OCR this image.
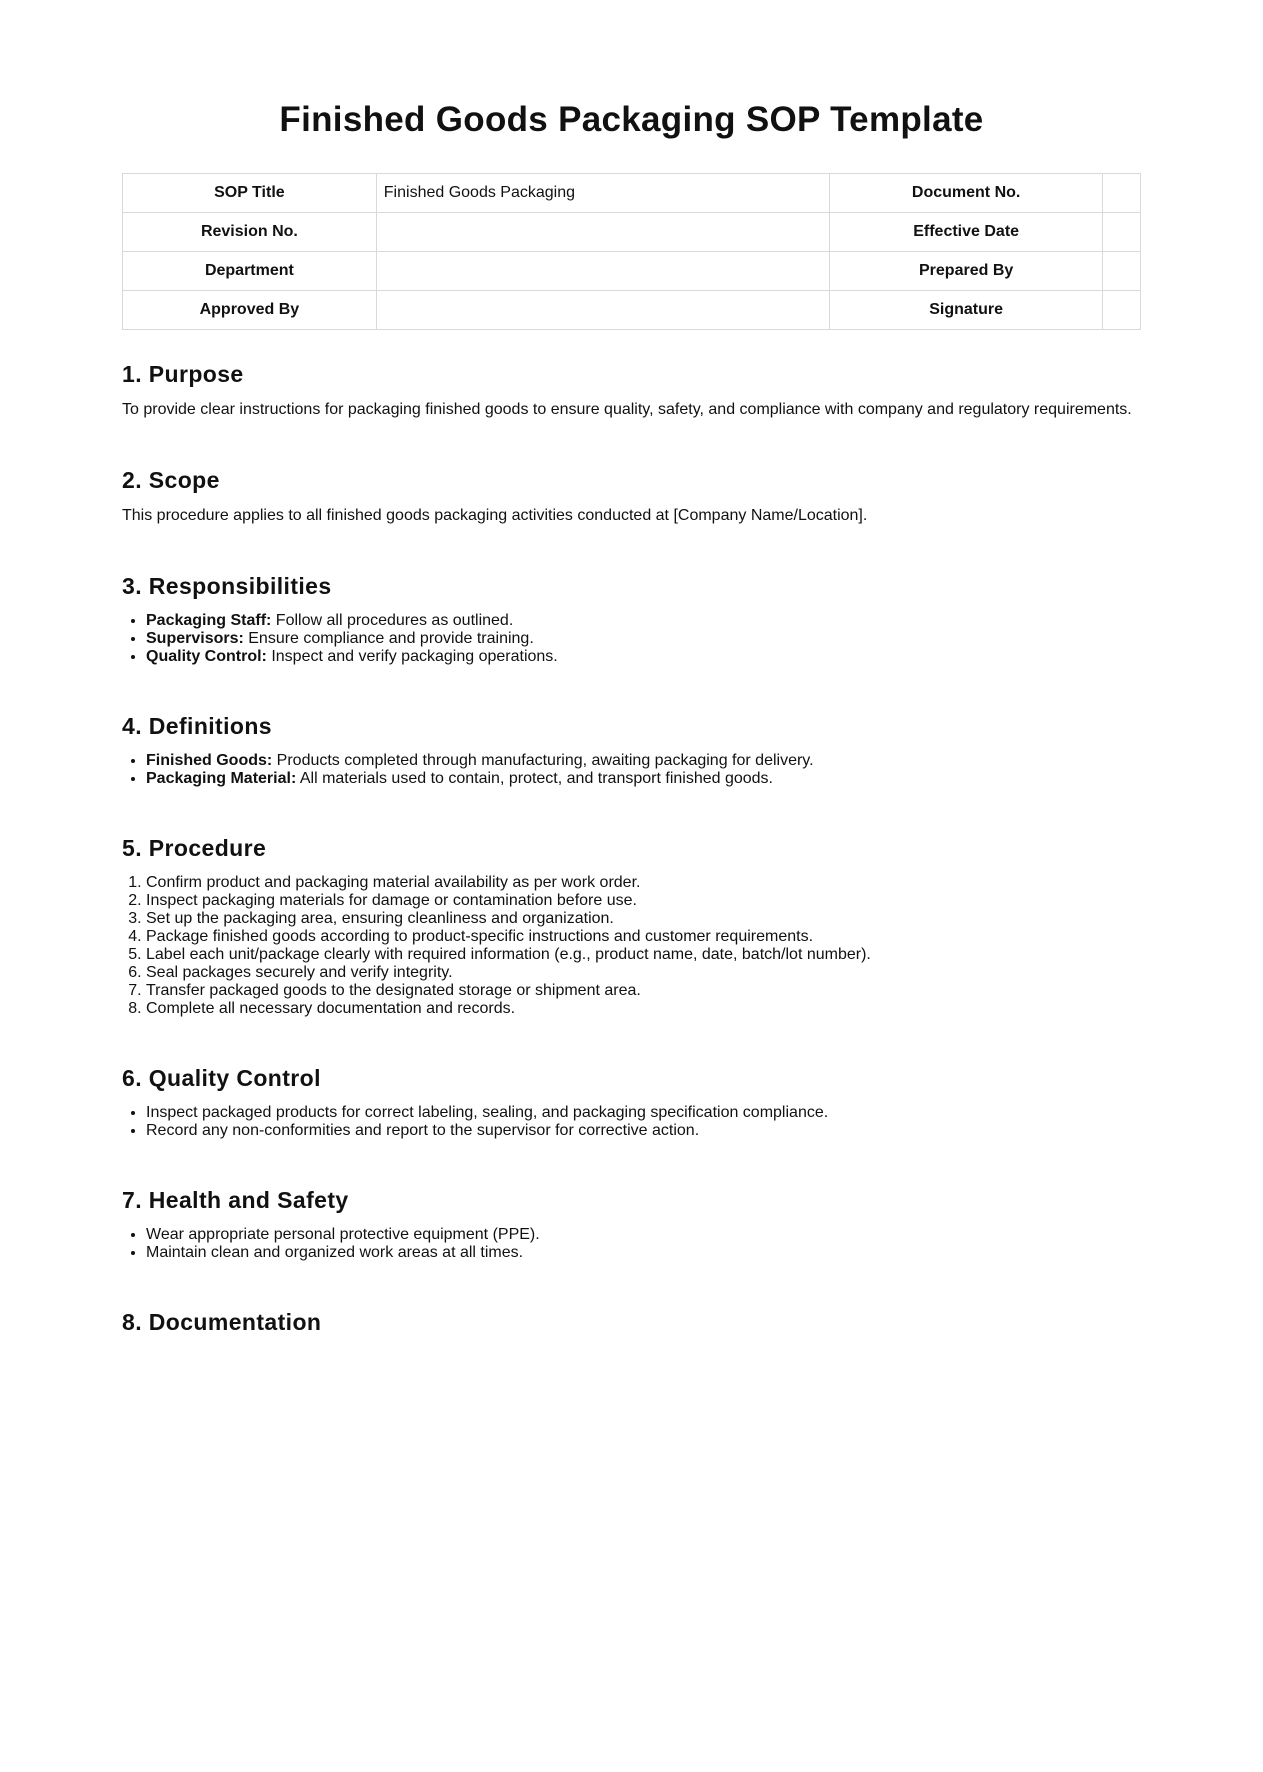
Finished Goods Packaging SOP Template
SOP Title	Finished Goods Packaging	Document No.	
Revision No.		Effective Date	
Department		Prepared By	
Approved By		Signature	
1. Purpose

To provide clear instructions for packaging finished goods to ensure quality, safety, and compliance with company and regulatory requirements.

2. Scope

This procedure applies to all finished goods packaging activities conducted at [Company Name/Location].

3. Responsibilities
• Packaging Staff: Follow all procedures as outlined.
• Supervisors: Ensure compliance and provide training.
• Quality Control: Inspect and verify packaging operations.
4. Definitions
• Finished Goods: Products completed through manufacturing, awaiting packaging for delivery.
• Packaging Material: All materials used to contain, protect, and transport finished goods.
5. Procedure
1. Confirm product and packaging material availability as per work order.
2. Inspect packaging materials for damage or contamination before use.
3. Set up the packaging area, ensuring cleanliness and organization.
4. Package finished goods according to product-specific instructions and customer requirements.
5. Label each unit/package clearly with required information (e.g., product name, date, batch/lot number).
6. Seal packages securely and verify integrity.
7. Transfer packaged goods to the designated storage or shipment area.
8. Complete all necessary documentation and records.
6. Quality Control
• Inspect packaged products for correct labeling, sealing, and packaging specification compliance.
• Record any non-conformities and report to the supervisor for corrective action.
7. Health and Safety
• Wear appropriate personal protective equipment (PPE).
• Maintain clean and organized work areas at all times.
8. Documentation
